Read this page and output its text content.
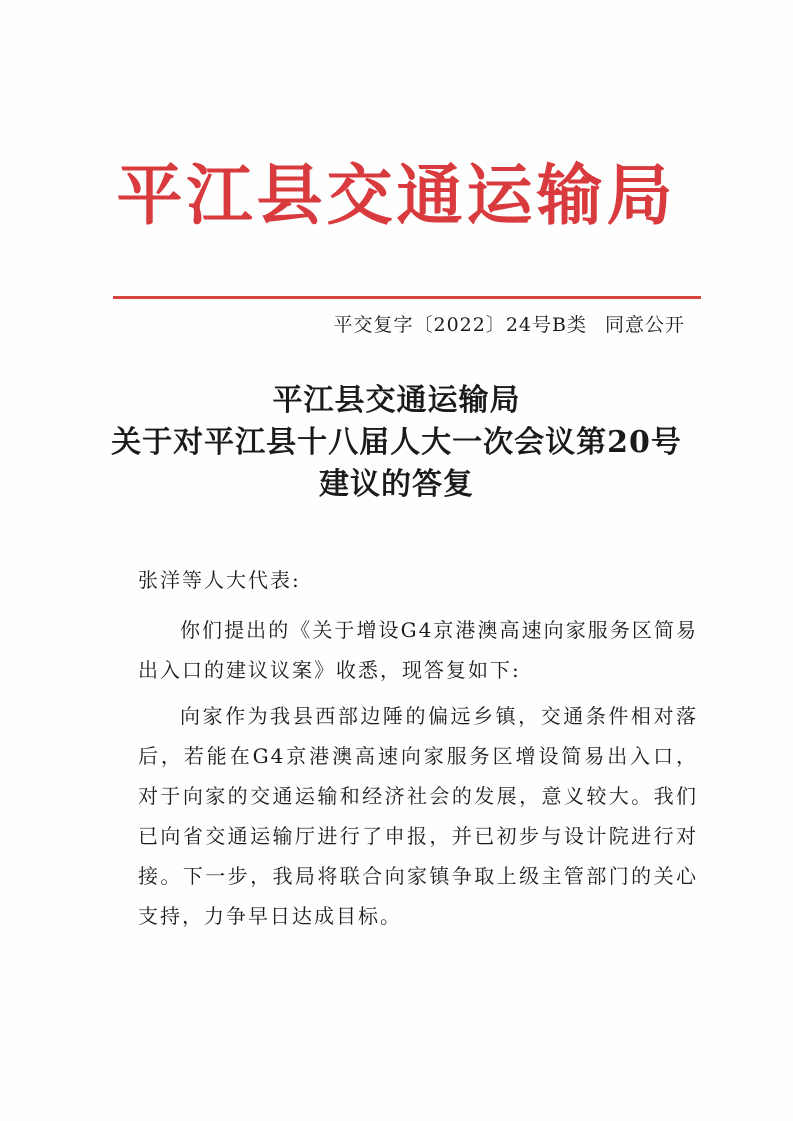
平江县交通运输局
平交复字〔2022〕24号B类 同意公开
平江县交通运输局
关于对平江县十八届人大一次会议第20号
建议的答复

张洋等人大代表:

你们提出的《关于增设G4京港澳高速向家服务区简易出入口的建议议案》收悉，现答复如下:

向家作为我县西部边陲的偏远乡镇，交通条件相对落后，若能在G4京港澳高速向家服务区增设简易出入口，对于向家的交通运输和经济社会的发展，意义较大。我们已向省交通运输厅进行了申报，并已初步与设计院进行对接。下一步，我局将联合向家镇争取上级主管部门的关心支持，力争早日达成目标。
